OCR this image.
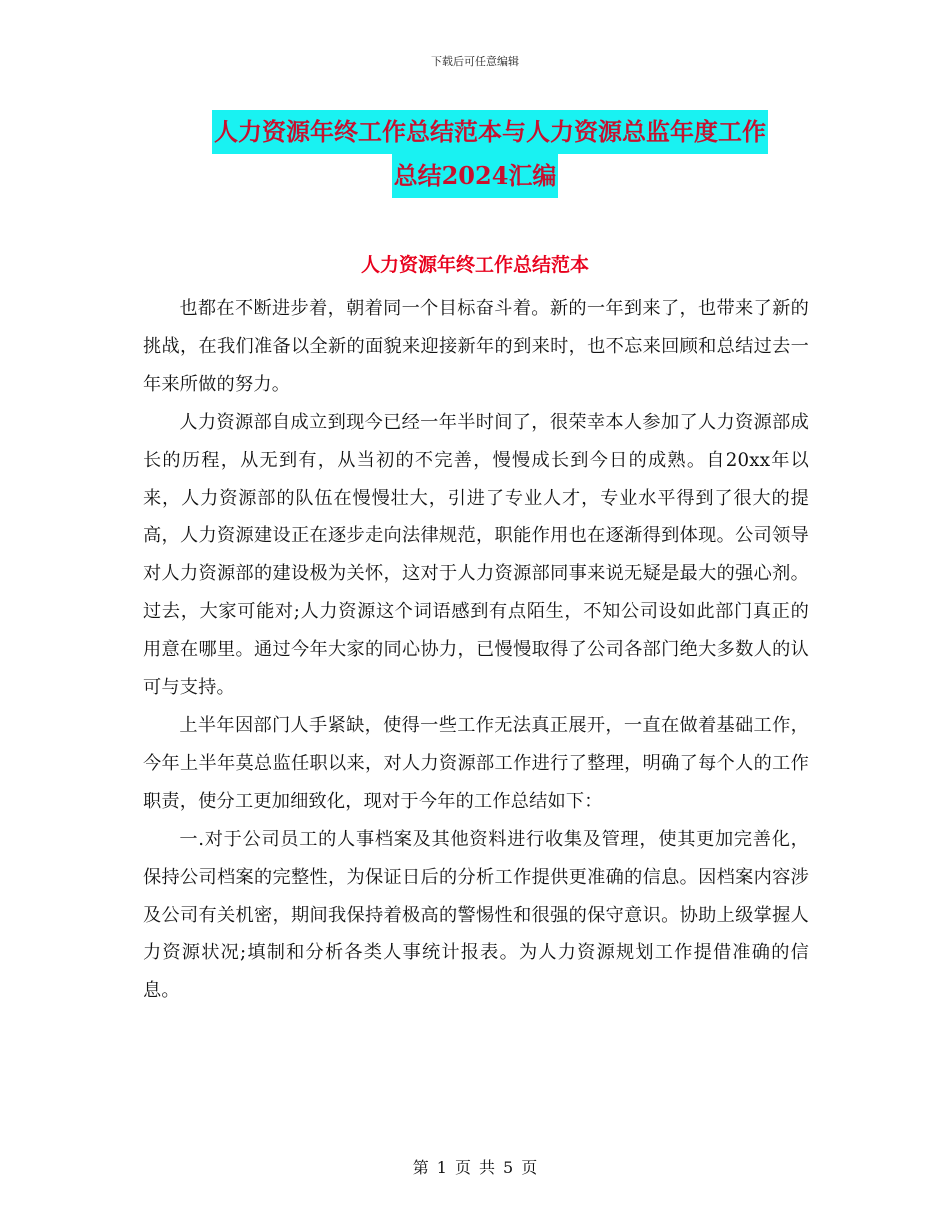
下载后可任意编辑
人力资源年终工作总结范本与人力资源总监年度工作
总结2024汇编
人力资源年终工作总结范本

也都在不断进步着，朝着同一个目标奋斗着。新的一年到来了，也带来了新的挑战，在我们准备以全新的面貌来迎接新年的到来时，也不忘来回顾和总结过去一年来所做的努力。

人力资源部自成立到现今已经一年半时间了，很荣幸本人参加了人力资源部成长的历程，从无到有，从当初的不完善，慢慢成长到今日的成熟。自20xx年以来，人力资源部的队伍在慢慢壮大，引进了专业人才，专业水平得到了很大的提高，人力资源建设正在逐步走向法律规范，职能作用也在逐渐得到体现。公司领导对人力资源部的建设极为关怀，这对于人力资源部同事来说无疑是最大的强心剂。过去，大家可能对;人力资源这个词语感到有点陌生，不知公司设如此部门真正的用意在哪里。通过今年大家的同心协力，已慢慢取得了公司各部门绝大多数人的认可与支持。

上半年因部门人手紧缺，使得一些工作无法真正展开，一直在做着基础工作，今年上半年莫总监任职以来，对人力资源部工作进行了整理，明确了每个人的工作职责，使分工更加细致化，现对于今年的工作总结如下：

一.对于公司员工的人事档案及其他资料进行收集及管理，使其更加完善化，保持公司档案的完整性，为保证日后的分析工作提供更准确的信息。因档案内容涉及公司有关机密，期间我保持着极高的警惕性和很强的保守意识。协助上级掌握人力资源状况;填制和分析各类人事统计报表。为人力资源规划工作提借准确的信息。

第 1 页 共 5 页
